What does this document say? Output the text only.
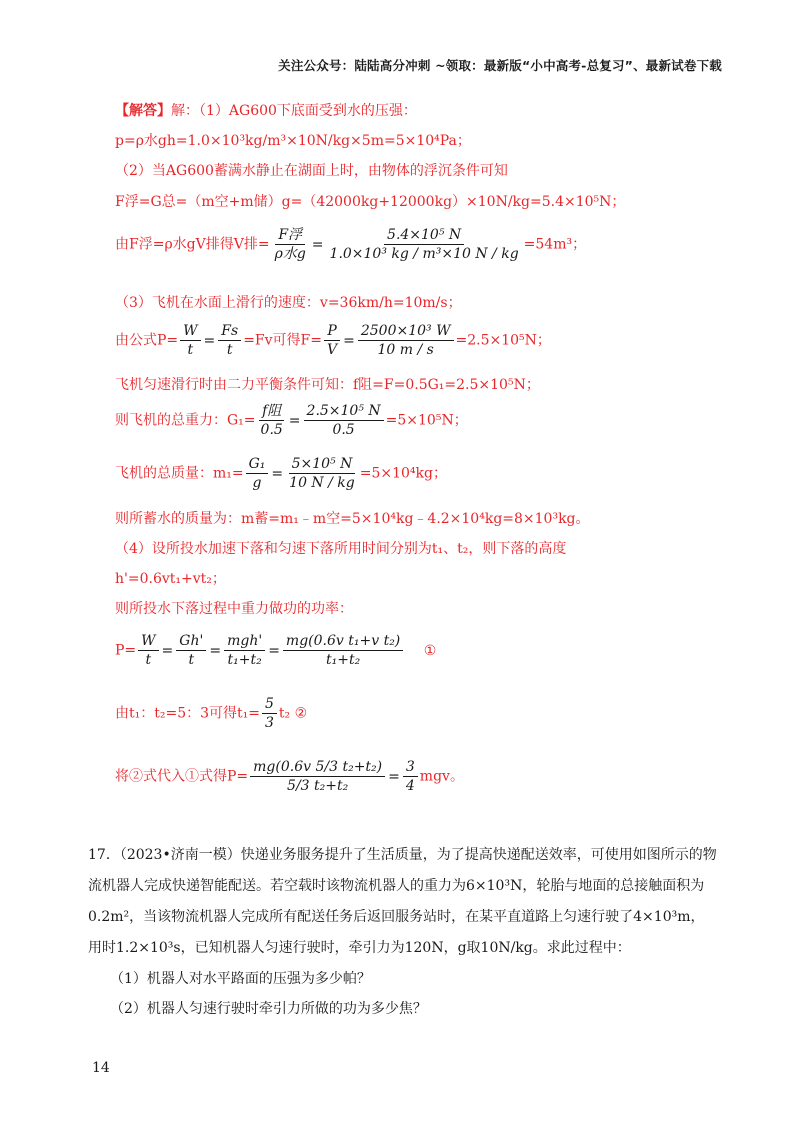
关注公众号：陆陆高分冲刺 ~领取：最新版“小中高考-总复习”、最新试卷下载
【解答】解：（1）AG600下底面受到水的压强：
p=ρ水gh=1.0×10³kg/m³×10N/kg×5m=5×10⁴Pa；
（2）当AG600蓄满水静止在湖面上时，由物体的浮沉条件可知
F浮=G总=（m空+m储）g=（42000kg+12000kg）×10N/kg=5.4×10⁵N；
由F浮=ρ水gV排得V排= $\frac{\text{F浮}}{\text{ρ水g}} = \frac{\text{5.4×10⁵ N}}{\text{1.0×10³ kg / m³×10 N / kg}} =54m^3$；
（3）飞机在水面上滑行的速度：v=36km/h=10m/s；
由公式$P= \frac{W}{t} = \frac{Fs}{t} =Fv$可得$F= \frac{P}{V} = \frac{\text{2500×10³ W}}{10 m / s} =2.5\times 10^5N$；
飞机匀速滑行时由二力平衡条件可知：f阻=F=0.5G₁=2.5×10⁵N；
则飞机的总重力：$G_1= \frac{\text{f阻}}{0.5} = \frac{\text{2.5×10⁵ N}}{0.5} =5\times 10^5N$；
飞机的总质量：$m_1= \frac{\text{G₁}}{g} = \frac{\text{5×10⁵ N}}{10 N / kg} =5\times 10^4kg$；
则所蓄水的质量为：m蓄=m₁﹣m空=5×10⁴kg﹣4.2×10⁴kg=8×10³kg。
（4）设所投水加速下落和匀速下落所用时间分别为t₁、t₂，则下落的高度
h'=0.6vt₁+vt₂；
则所投水下落过程中重力做功的功率：
$P= \frac{W}{t} = \frac{Gh'}{t} = \frac{\text{mgh'}}{\text{t₁+t₂}} = \frac{\text{mg(0.6v t₁+v t₂)}}{\text{t₁+t₂}}$ ①
由t₁：t₂=5：3可得$t_1= \frac{5}{3} t_2$ ②
将②式代入①式得$P= \frac{\text{mg(0.6v 5/3 t₂+t₂)}}{\text{5/3 t₂+t₂}} = \frac{3}{4}$ mgv。
17．（2023•济南一模）快递业务服务提升了生活质量，为了提高快递配送效率，可使用如图所示的物流机器人完成快递智能配送。若空载时该物流机器人的重力为6×10³N，轮胎与地面的总接触面积为0.2m²，当该物流机器人完成所有配送任务后返回服务站时，在某平直道路上匀速行驶了4×10³m，用时1.2×10³s，已知机器人匀速行驶时，牵引力为120N，g取10N/kg。求此过程中：
（1）机器人对水平路面的压强为多少帕？
（2）机器人匀速行驶时牵引力所做的功为多少焦？
14
